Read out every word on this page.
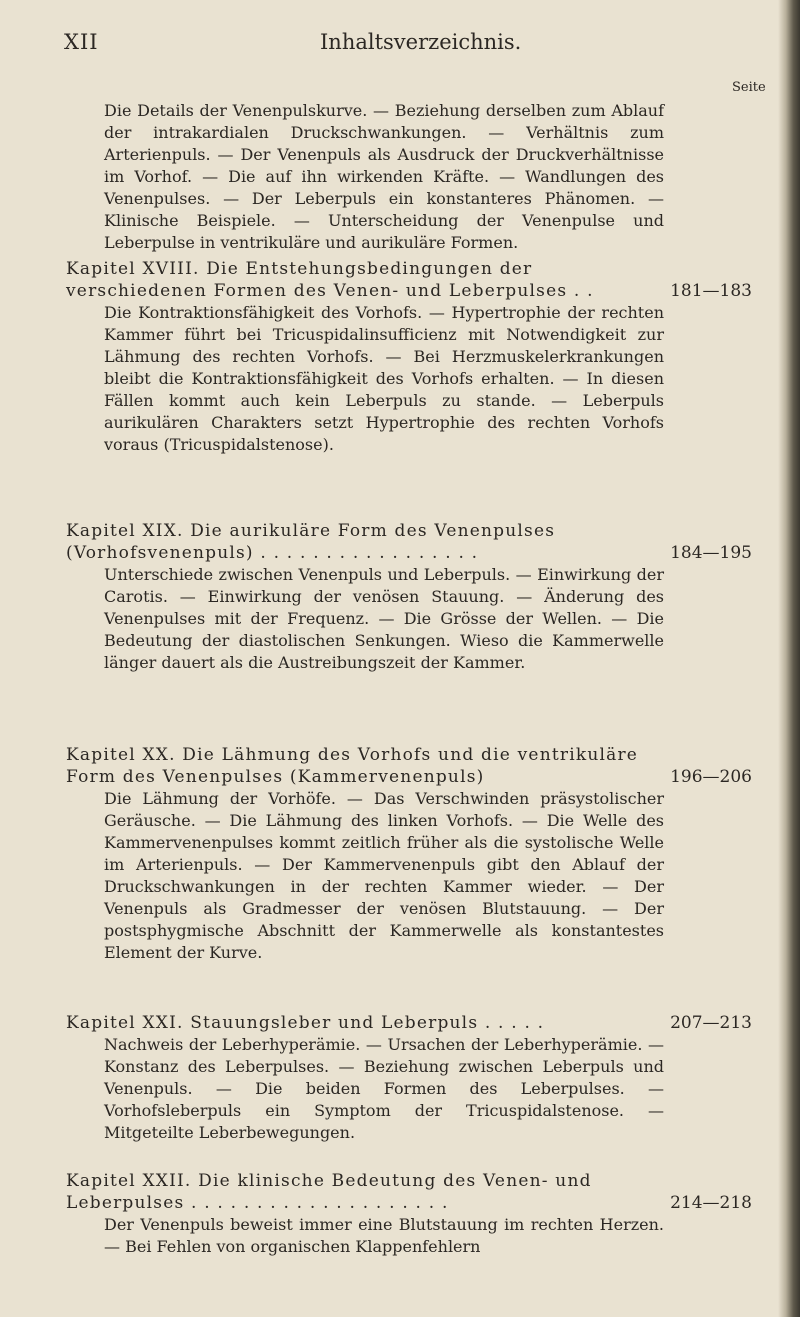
XII	Inhaltsverzeichnis.
Seite
Die Details der Venenpulskurve. — Beziehung derselben zum Ablauf der intrakardialen Druckschwankungen. — Verhältnis zum Arterienpuls. — Der Venenpuls als Ausdruck der Druckverhältnisse im Vorhof. — Die auf ihn wirkenden Kräfte. — Wandlungen des Venenpulses. — Der Leberpuls ein konstanteres Phänomen. — Klinische Beispiele. — Unterscheidung der Venenpulse und Leberpulse in ventrikuläre und aurikuläre Formen.
Kapitel XVIII. Die Entstehungsbedingungen der verschiedenen Formen des Venen- und Leberpulses . .	181—183
Die Kontraktionsfähigkeit des Vorhofs. — Hypertrophie der rechten Kammer führt bei Tricuspidalinsufficienz mit Notwendigkeit zur Lähmung des rechten Vorhofs. — Bei Herzmuskelerkrankungen bleibt die Kontraktionsfähigkeit des Vorhofs erhalten. — In diesen Fällen kommt auch kein Leberpuls zu stande. — Leberpuls aurikulären Charakters setzt Hypertrophie des rechten Vorhofs voraus (Tricuspidalstenose).
Kapitel XIX. Die aurikuläre Form des Venenpulses (Vorhofsvenenpuls) . . . . . . . . . . . . . . . . .	184—195
Unterschiede zwischen Venenpuls und Leberpuls. — Einwirkung der Carotis. — Einwirkung der venösen Stauung. — Änderung des Venenpulses mit der Frequenz. — Die Grösse der Wellen. — Die Bedeutung der diastolischen Senkungen. Wieso die Kammerwelle länger dauert als die Austreibungszeit der Kammer.
Kapitel XX. Die Lähmung des Vorhofs und die ventrikuläre Form des Venenpulses (Kammervenenpuls)	196—206
Die Lähmung der Vorhöfe. — Das Verschwinden präsystolischer Geräusche. — Die Lähmung des linken Vorhofs. — Die Welle des Kammervenenpulses kommt zeitlich früher als die systolische Welle im Arterienpuls. — Der Kammervenenpuls gibt den Ablauf der Druckschwankungen in der rechten Kammer wieder. — Der Venenpuls als Gradmesser der venösen Blutstauung. — Der postsphygmische Abschnitt der Kammerwelle als konstantestes Element der Kurve.
Kapitel XXI. Stauungsleber und Leberpuls . . . . .	207—213
Nachweis der Leberhyperämie. — Ursachen der Leberhyperämie. — Konstanz des Leberpulses. — Beziehung zwischen Leberpuls und Venenpuls. — Die beiden Formen des Leberpulses. — Vorhofsleberpuls ein Symptom der Tricuspidalstenose. — Mitgeteilte Leberbewegungen.
Kapitel XXII. Die klinische Bedeutung des Venen- und Leberpulses . . . . . . . . . . . . . . . . . . . .	214—218
Der Venenpuls beweist immer eine Blutstauung im rechten Herzen. — Bei Fehlen von organischen Klappenfehlern
